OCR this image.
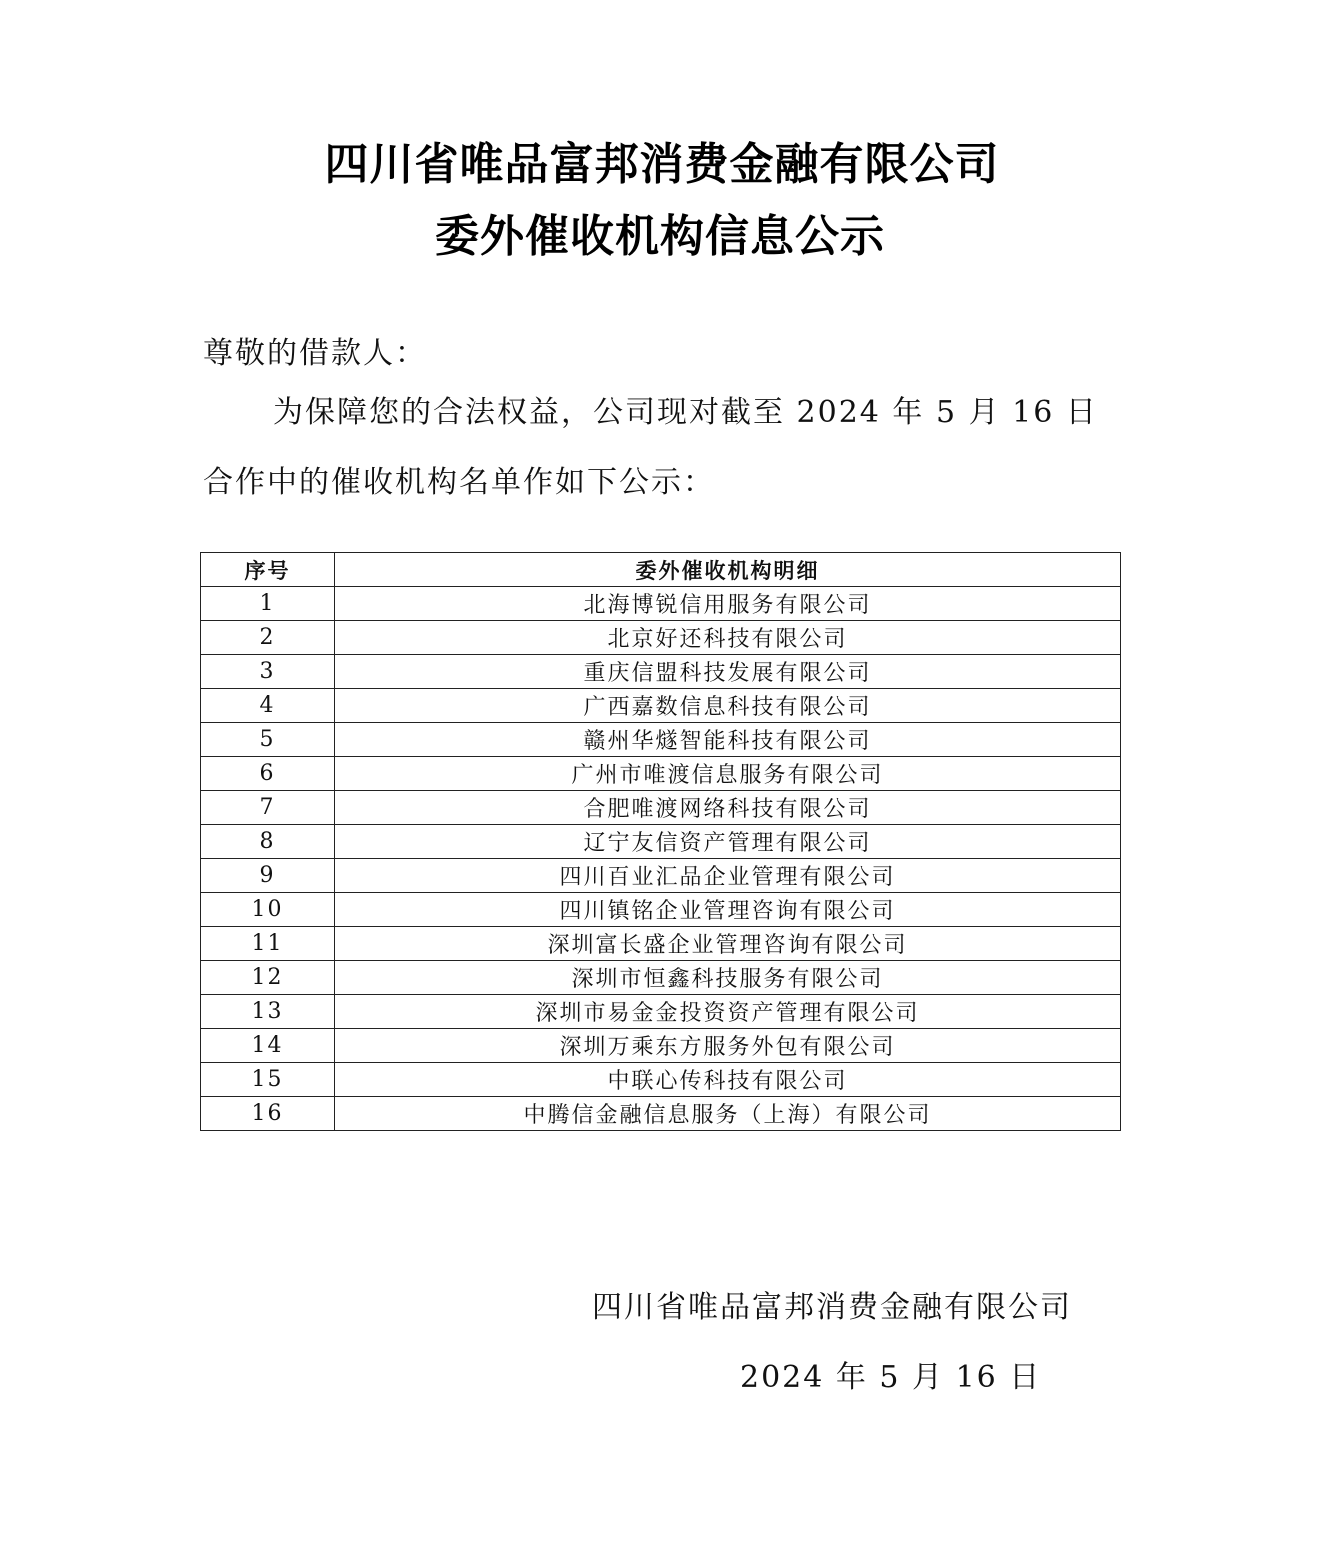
四川省唯品富邦消费金融有限公司
委外催收机构信息公示
尊敬的借款人：
为保障您的合法权益，公司现对截至 2024 年 5 月 16 日
合作中的催收机构名单作如下公示：
序号	委外催收机构明细
1	北海博锐信用服务有限公司
2	北京好还科技有限公司
3	重庆信盟科技发展有限公司
4	广西嘉数信息科技有限公司
5	赣州华燧智能科技有限公司
6	广州市唯渡信息服务有限公司
7	合肥唯渡网络科技有限公司
8	辽宁友信资产管理有限公司
9	四川百业汇品企业管理有限公司
10	四川镇铭企业管理咨询有限公司
11	深圳富长盛企业管理咨询有限公司
12	深圳市恒鑫科技服务有限公司
13	深圳市易金金投资资产管理有限公司
14	深圳万乘东方服务外包有限公司
15	中联心传科技有限公司
16	中腾信金融信息服务（上海）有限公司
四川省唯品富邦消费金融有限公司
2024 年 5 月 16 日
